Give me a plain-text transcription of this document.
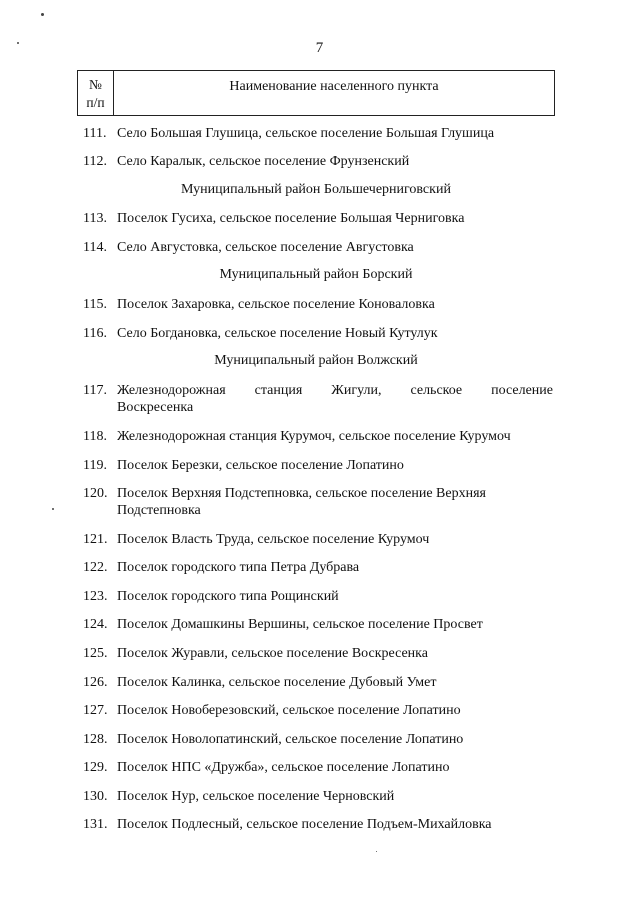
7
№
п/п
Наименование населенного пункта
111. Село Большая Глушица, сельское поселение Большая Глушица
112. Село Каралык, сельское поселение Фрунзенский
Муниципальный район Большечерниговский
113. Поселок Гусиха, сельское поселение Большая Черниговка
114. Село Августовка, сельское поселение Августовка
Муниципальный район Борский
115. Поселок Захаровка, сельское поселение Коноваловка
116. Село Богдановка, сельское поселение Новый Кутулук
Муниципальный район Волжский
117. Железнодорожная станция Жигули, сельское поселение
Воскресенка
118. Железнодорожная станция Курумоч, сельское поселение Курумоч
119. Поселок Березки, сельское поселение Лопатино
120. Поселок Верхняя Подстепновка, сельское поселение Верхняя
Подстепновка
121. Поселок Власть Труда, сельское поселение Курумоч
122. Поселок городского типа Петра Дубрава
123. Поселок городского типа Рощинский
124. Поселок Домашкины Вершины, сельское поселение Просвет
125. Поселок Журавли, сельское поселение Воскресенка
126. Поселок Калинка, сельское поселение Дубовый Умет
127. Поселок Новоберезовский, сельское поселение Лопатино
128. Поселок Новолопатинский, сельское поселение Лопатино
129. Поселок НПС «Дружба», сельское поселение Лопатино
130. Поселок Нур, сельское поселение Черновский
131. Поселок Подлесный, сельское поселение Подъем-Михайловка
